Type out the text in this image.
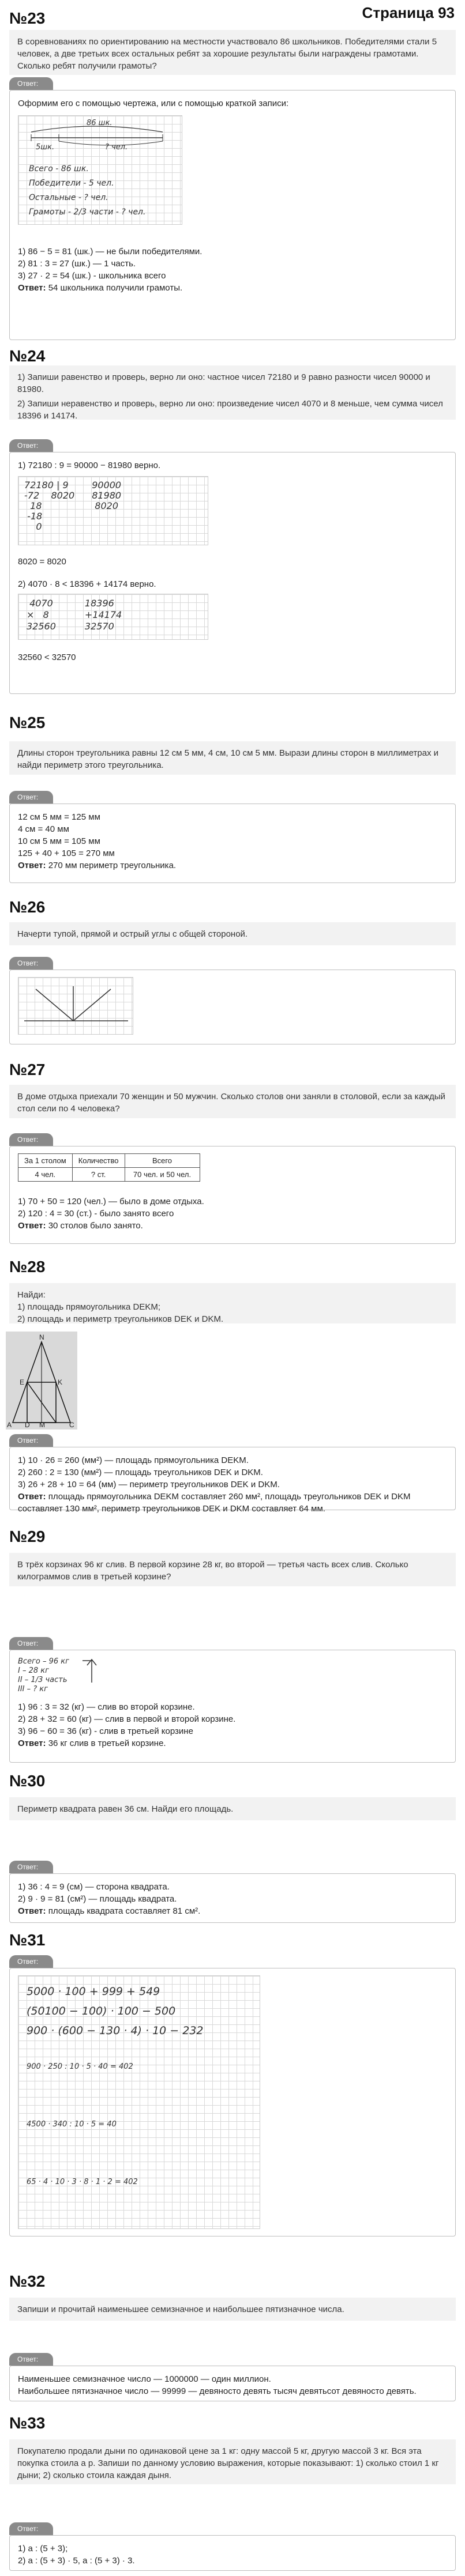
Страница 93
№23
В соревнованиях по ориентированию на местности участвовало 86 школьников. Победителями стали 5 человек, а две третьих всех остальных ребят за хорошие результаты были награждены грамотами. Сколько ребят получили грамоты?
Ответ:
Оформим его с помощью чертежа, или с помощью краткой записи:
86 шк.
5шк.	? чел.
Всего - 86 шк.
Победители - 5 чел.
Остальные - ? чел.
Грамоты - 2/3 части - ? чел.
1) 86 − 5 = 81 (шк.) — не были победителями.
2) 81 : 3 = 27 (шк.) — 1 часть.
3) 27 · 2 = 54 (шк.) - школьника всего
Ответ: 54 школьника получили грамоты.
№24
1) Запиши равенство и проверь, верно ли оно: частное чисел 72180 и 9 равно разности чисел 90000 и 81980.
2) Запиши неравенство и проверь, верно ли оно: произведение чисел 4070 и 8 меньше, чем сумма чисел 18396 и 14174.
Ответ:
1) 72180 : 9 = 90000 − 81980 верно.
72180 | 9
-72    8020
18
-18
0
90000
81980
8020
8020 = 8020
2) 4070 · 8 < 18396 + 14174 верно.
4070
×   8
32560
18396
+14174
32570
32560 < 32570
№25
Длины сторон треугольника равны 12 см 5 мм, 4 см, 10 см 5 мм. Вырази длины сторон в миллиметрах и найди периметр этого треугольника.
Ответ:
12 см 5 мм = 125 мм
4 см = 40 мм
10 см 5 мм = 105 мм
125 + 40 + 105 = 270 мм
Ответ: 270 мм периметр треугольника.
№26
Начерти тупой, прямой и острый углы с общей стороной.
Ответ:
№27
В доме отдыха приехали 70 женщин и 50 мужчин. Сколько столов они заняли в столовой, если за каждый стол сели по 4 человека?
Ответ:
За 1 столом	Количество	Всего
4 чел.	? ст.	70 чел. и 50 чел.
1) 70 + 50 = 120 (чел.) — было в доме отдыха.
2) 120 : 4 = 30 (ст.) - было занято всего
Ответ: 30 столов было занято.
№28
Найди:
1) площадь прямоугольника DEKM;
2) площадь и периметр треугольников DEK и DKM.
N
E	K
A D M	C
Ответ:
1) 10 · 26 = 260 (мм²) — площадь прямоугольника DEKM.
2) 260 : 2 = 130 (мм²) — площадь треугольников DEK и DKM.
3) 26 + 28 + 10 = 64 (мм) — периметр треугольников DEK и DKM.
Ответ: площадь прямоугольника DEKM составляет 260 мм², площадь треугольников DEK и DKM составляет 130 мм², периметр треугольников DEK и DKM составляет 64 мм.
№29
В трёх корзинах 96 кг слив. В первой корзине 28 кг, во второй — третья часть всех слив. Сколько килограммов слив в третьей корзине?
Ответ:
Всего – 96 кг
I – 28 кг
II – 1/3 часть
III – ? кг
1) 96 : 3 = 32 (кг) — слив во второй корзине.
2) 28 + 32 = 60 (кг) — слив в первой и второй корзине.
3) 96 − 60 = 36 (кг) - слив в третьей корзине
Ответ: 36 кг слив в третьей корзине.
№30
Периметр квадрата равен 36 см. Найди его площадь.
Ответ:
1) 36 : 4 = 9 (см) — сторона квадрата.
2) 9 · 9 = 81 (см²) — площадь квадрата.
Ответ: площадь квадрата составляет 81 см².
№31
Ответ:
5000 · 100 + 999 + 549
(50100 − 100) · 100 − 500
900 · (600 − 130 · 4) · 10 − 232
900 · 250 : 10 · 5 · 40 = 402
4500 · 340 : 10 · 5 = 40
65 · 4 · 10 · 3 · 8 · 1 · 2 = 402
№32
Запиши и прочитай наименьшее семизначное и наибольшее пятизначное числа.
Ответ:
Наименьшее семизначное число — 1000000 — один миллион.
Наибольшее пятизначное число — 99999 — девяносто девять тысяч девятьсот девяносто девять.
№33
Покупателю продали дыни по одинаковой цене за 1 кг: одну массой 5 кг, другую массой 3 кг. Вся эта покупка стоила а р. Запиши по данному условию выражения, которые показывают: 1) сколько стоил 1 кг дыни; 2) сколько стоила каждая дыня.
Ответ:
1) а : (5 + 3);
2) а : (5 + 3) · 5, а : (5 + 3) · 3.
